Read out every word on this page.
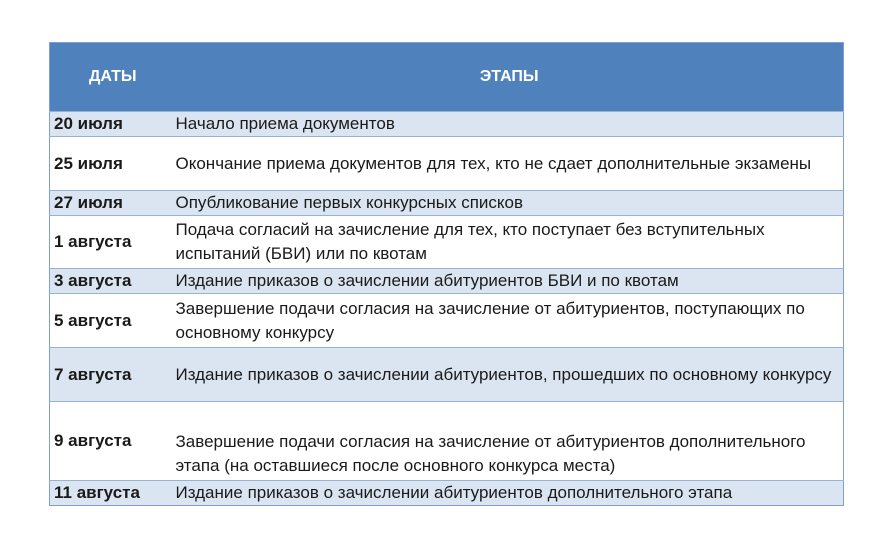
ДАТЫ	ЭТАПЫ
20 июля	Начало приема документов
25 июля	Окончание приема документов для тех, кто не сдает дополнительные экзамены
27 июля	Опубликование первых конкурсных списков
1 августа	Подача согласий на зачисление для тех, кто поступает без вступительных испытаний (БВИ) или по квотам
3 августа	Издание приказов о зачислении абитуриентов БВИ и по квотам
5 августа	Завершение подачи согласия на зачисление от абитуриентов, поступающих по основному конкурсу
7 августа	Издание приказов о зачислении абитуриентов, прошедших по основному конкурсу
9 августа	Завершение подачи согласия на зачисление от абитуриентов дополнительного этапа (на оставшиеся после основного конкурса места)
11 августа	Издание приказов о зачислении абитуриентов дополнительного этапа
